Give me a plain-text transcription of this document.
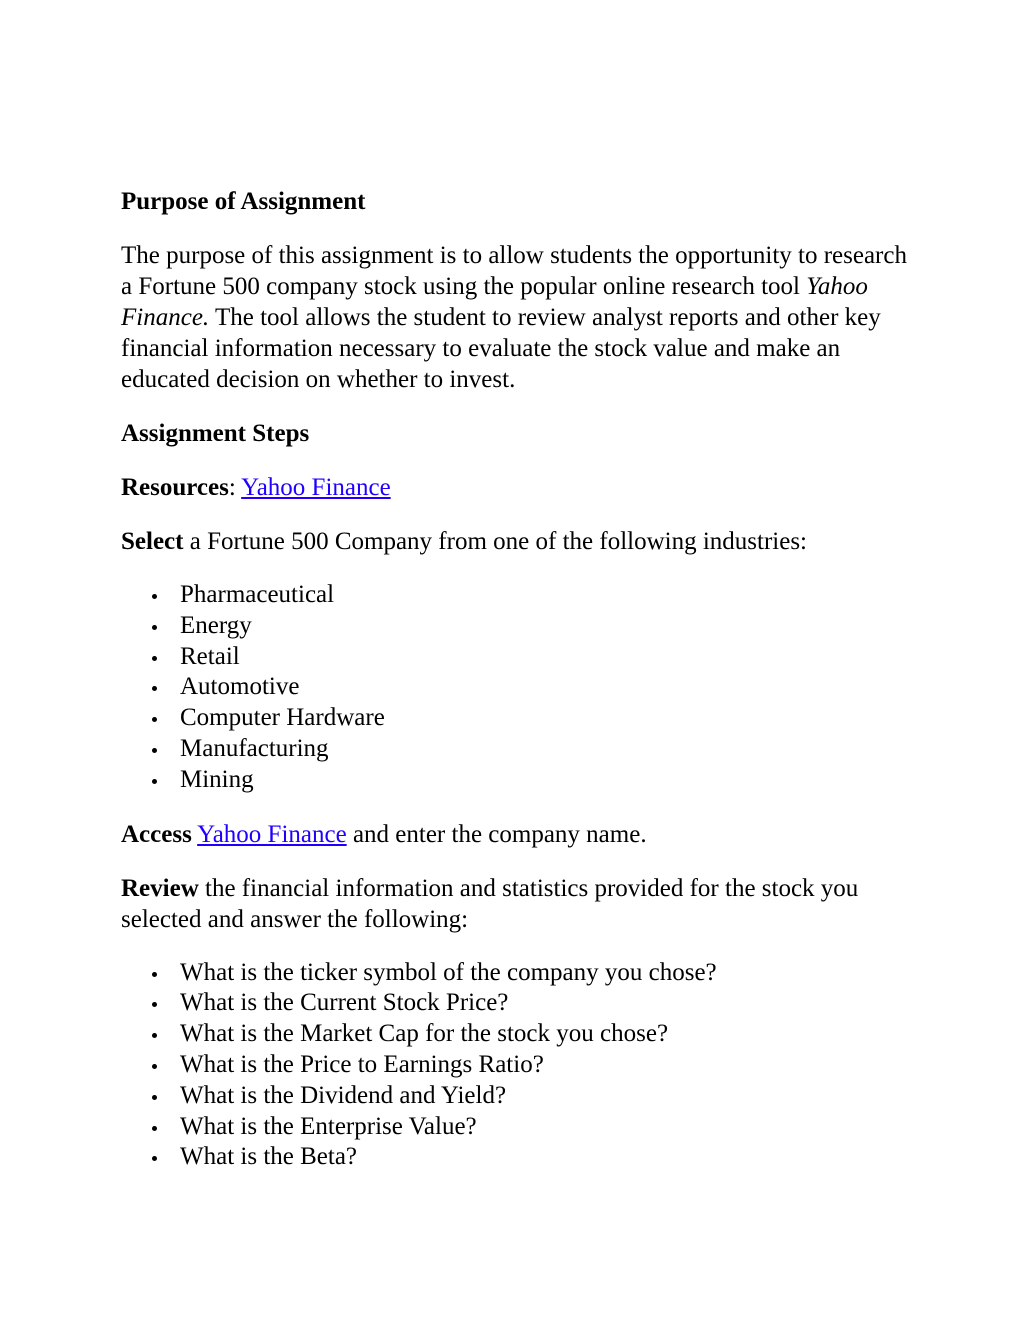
Purpose of Assignment

The purpose of this assignment is to allow students the opportunity to research a Fortune 500 company stock using the popular online research tool Yahoo Finance. The tool allows the student to review analyst reports and other key financial information necessary to evaluate the stock value and make an educated decision on whether to invest.

Assignment Steps

Resources: Yahoo Finance

Select a Fortune 500 Company from one of the following industries:

Pharmaceutical
Energy
Retail
Automotive
Computer Hardware
Manufacturing
Mining

Access Yahoo Finance and enter the company name.

Review the financial information and statistics provided for the stock you selected and answer the following:

What is the ticker symbol of the company you chose?
What is the Current Stock Price?
What is the Market Cap for the stock you chose?
What is the Price to Earnings Ratio?
What is the Dividend and Yield?
What is the Enterprise Value?
What is the Beta?
